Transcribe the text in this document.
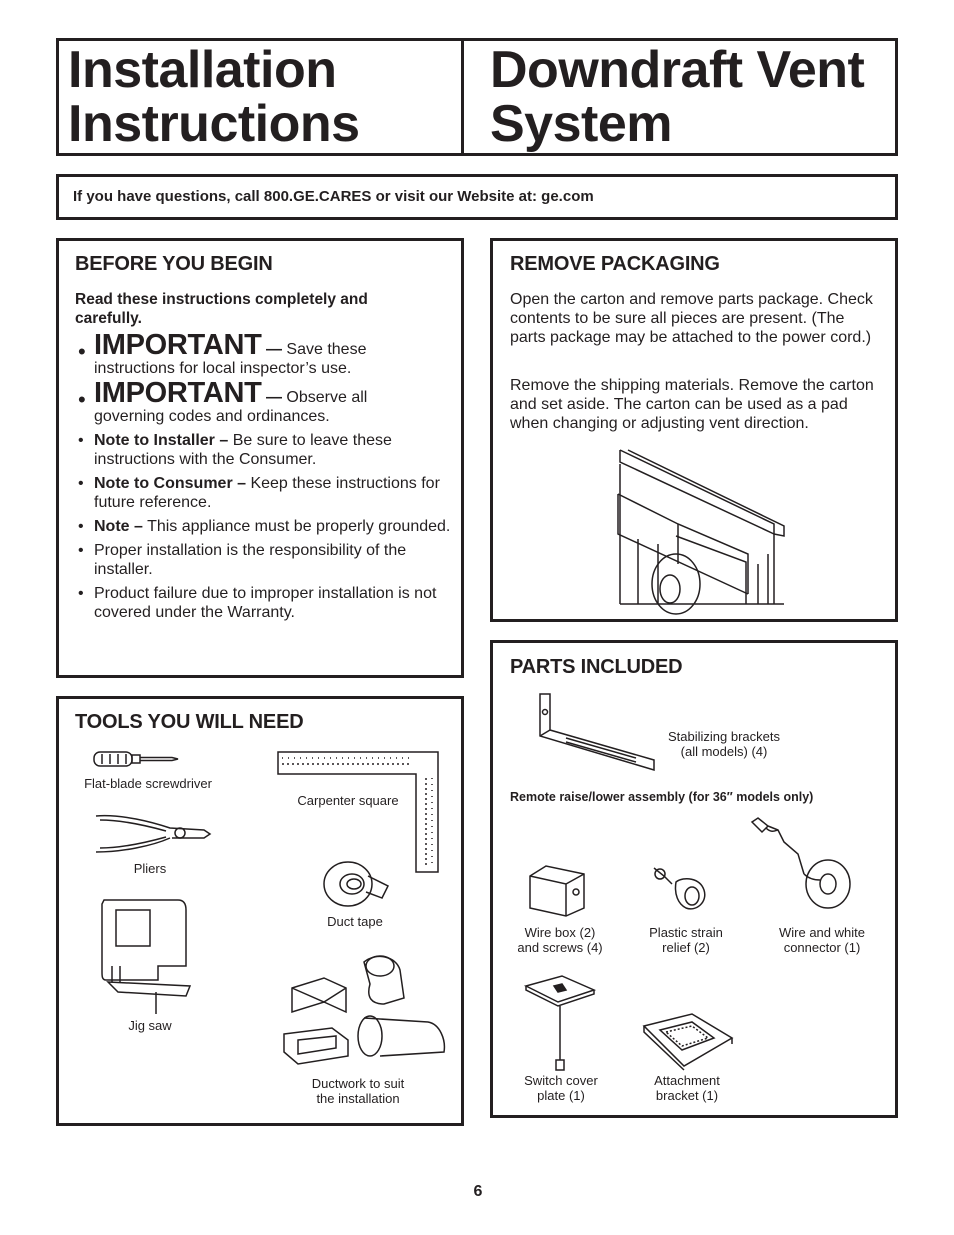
Installation
Instructions
Downdraft Vent
System
If you have questions, call 800.GE.CARES or visit our Website at: ge.com
BEFORE YOU BEGIN
Read these instructions completely and carefully.
• IMPORTANT — Save these
instructions for local inspector’s use.
• IMPORTANT — Observe all
governing codes and ordinances.
• Note to Installer – Be sure to leave these instructions with the Consumer.
• Note to Consumer – Keep these instructions for future reference.
• Note – This appliance must be properly grounded.
• Proper installation is the responsibility of the installer.
• Product failure due to improper installation is not covered under the Warranty.
REMOVE PACKAGING
Open the carton and remove parts package. Check contents to be sure all pieces are present. (The parts package may be attached to the power cord.)
Remove the shipping materials. Remove the carton and set aside. The carton can be used as a pad when changing or adjusting vent direction.
TOOLS YOU WILL NEED
Flat-blade screwdriver
Carpenter square
Pliers
Duct tape
Jig saw
Ductwork to suit
the installation
PARTS INCLUDED
Stabilizing brackets
(all models) (4)
Remote raise/lower assembly (for 36″ models only)
Wire box (2)
and screws (4)
Plastic strain
relief (2)
Wire and white
connector (1)
Switch cover
plate (1)
Attachment
bracket (1)
6
